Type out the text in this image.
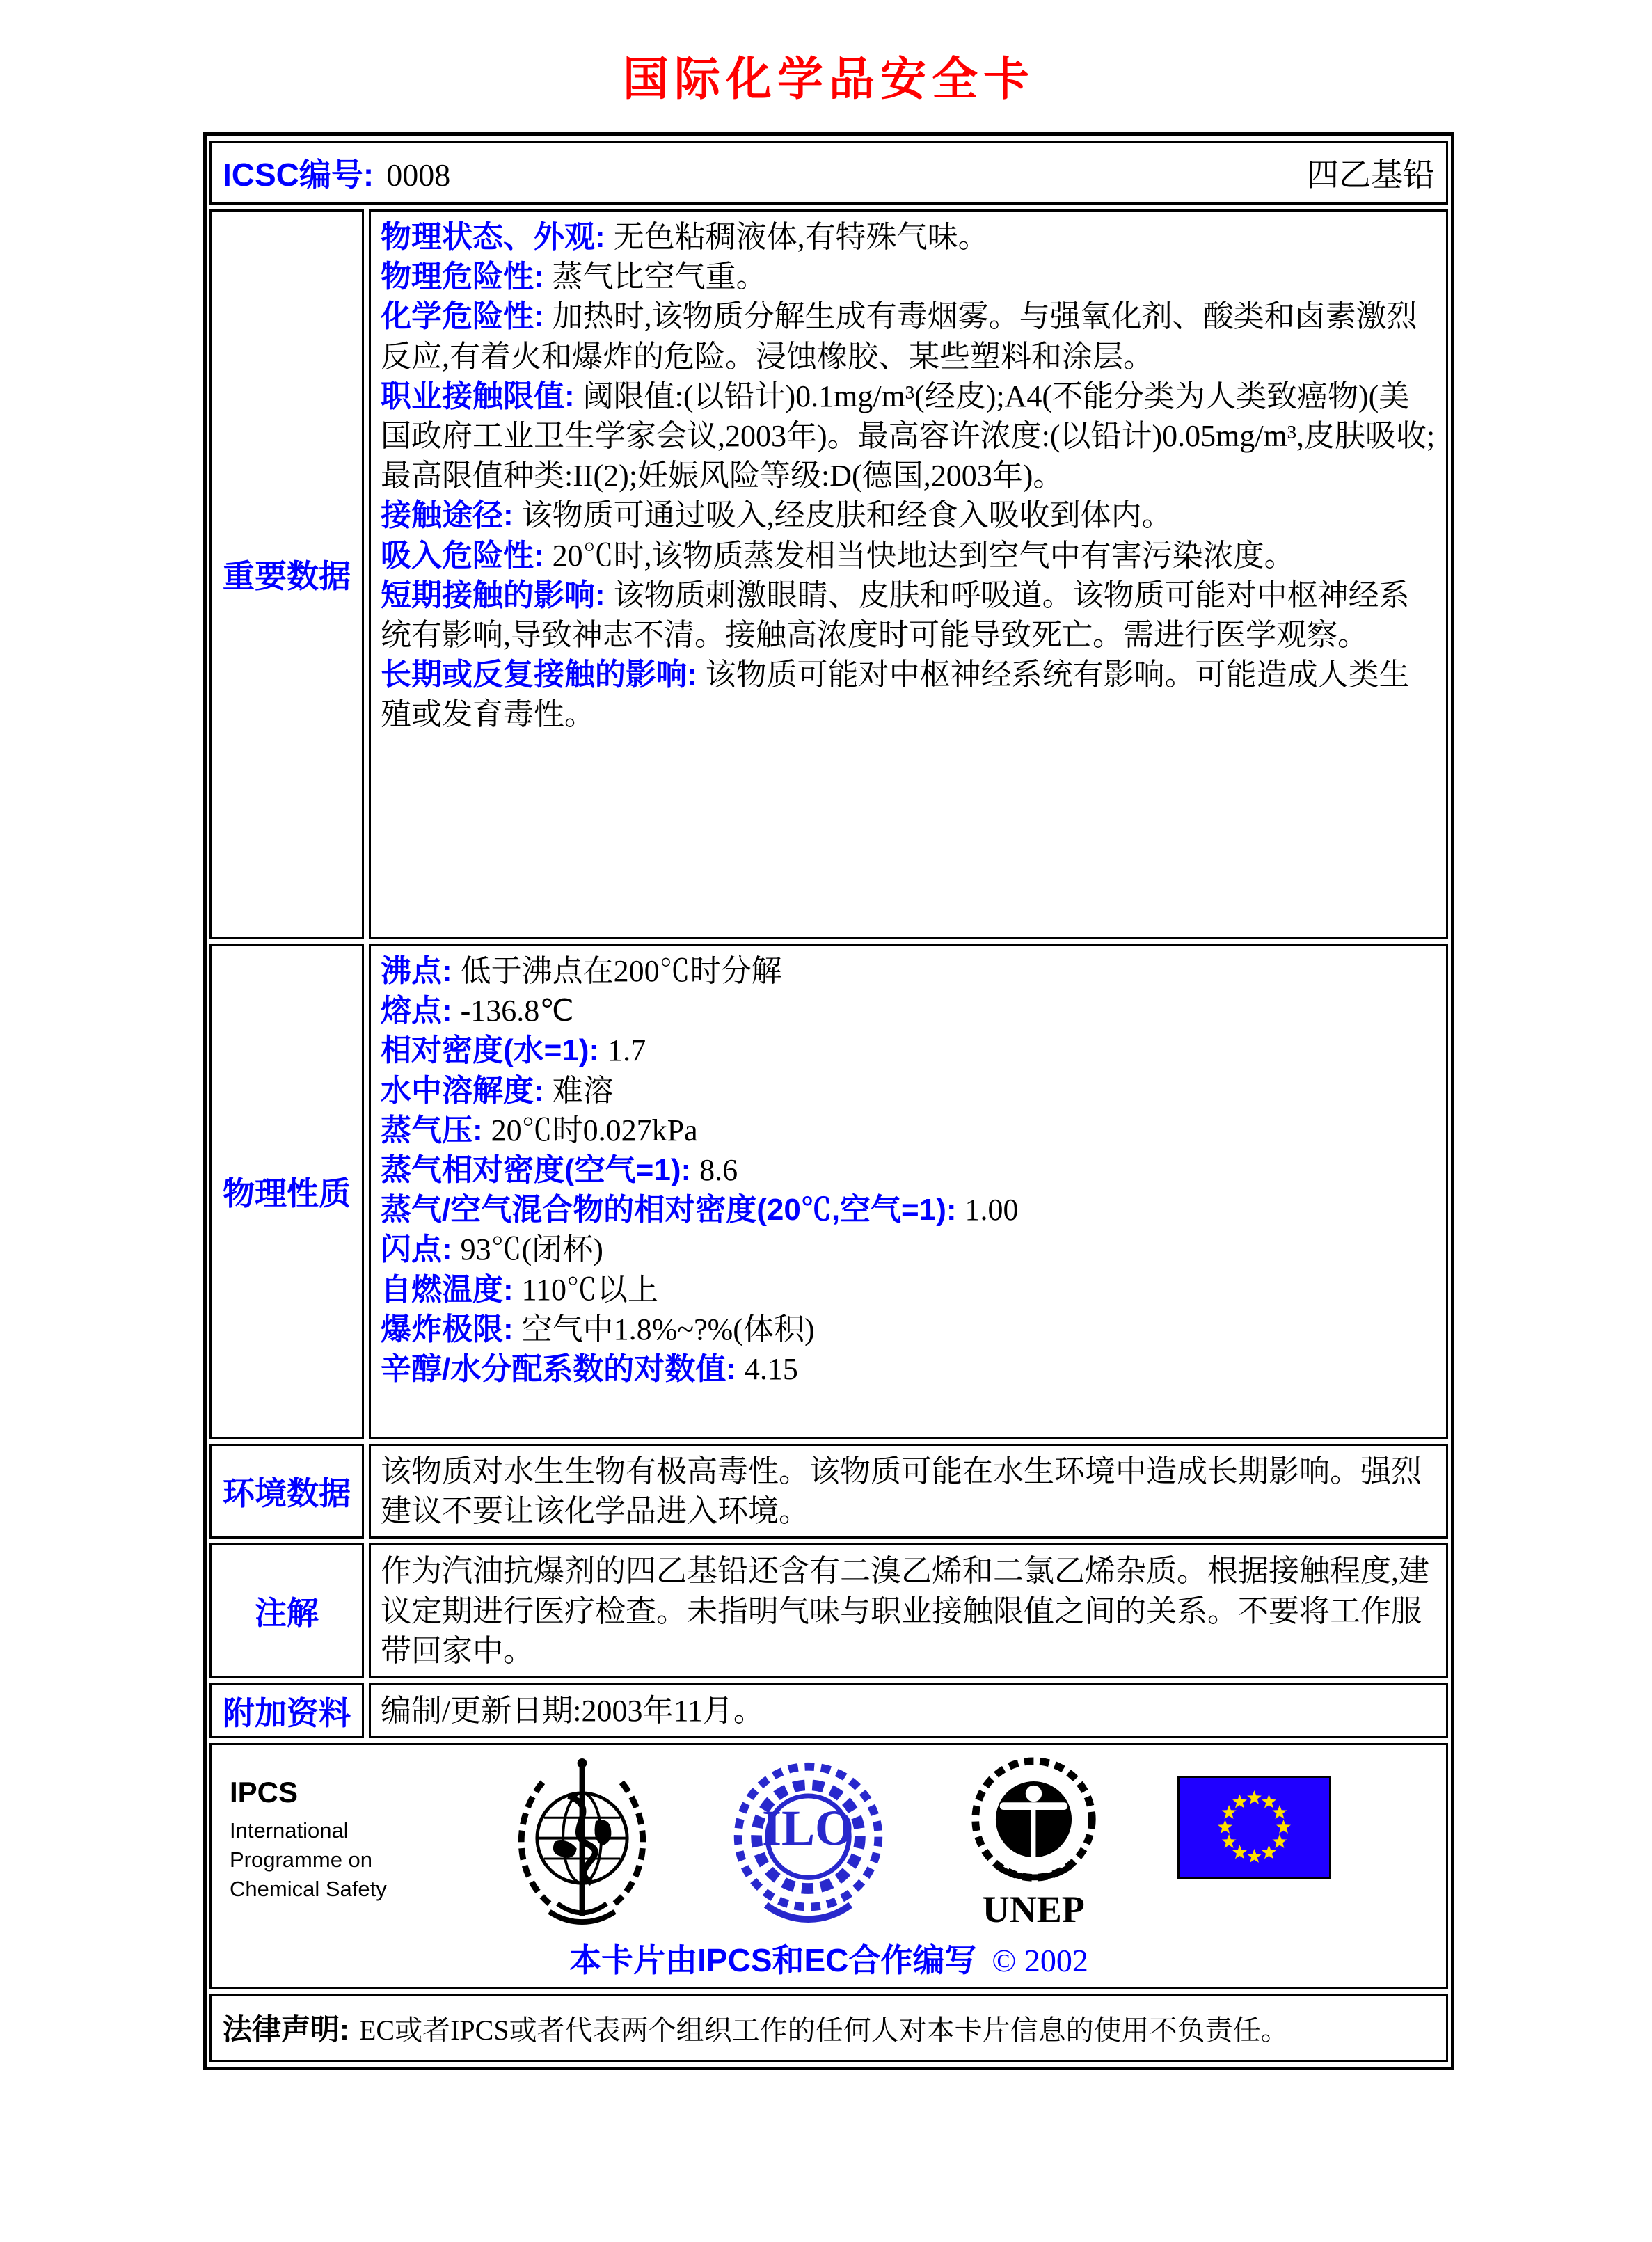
国际化学品安全卡
ICSC编号: 0008	四乙基铅
重要数据

物理状态、外观: 无色粘稠液体,有特殊气味。

物理危险性: 蒸气比空气重。

化学危险性: 加热时,该物质分解生成有毒烟雾。与强氧化剂、酸类和卤素激烈反应,有着火和爆炸的危险。浸蚀橡胶、某些塑料和涂层。

职业接触限值: 阈限值:(以铅计)0.1mg/m³(经皮);A4(不能分类为人类致癌物)(美国政府工业卫生学家会议,2003年)。最高容许浓度:(以铅计)0.05mg/m³,皮肤吸收;最高限值种类:II(2);妊娠风险等级:D(德国,2003年)。

接触途径: 该物质可通过吸入,经皮肤和经食入吸收到体内。

吸入危险性: 20℃时,该物质蒸发相当快地达到空气中有害污染浓度。

短期接触的影响: 该物质刺激眼睛、皮肤和呼吸道。该物质可能对中枢神经系统有影响,导致神志不清。接触高浓度时可能导致死亡。需进行医学观察。

长期或反复接触的影响: 该物质可能对中枢神经系统有影响。可能造成人类生殖或发育毒性。

物理性质

沸点: 低于沸点在200℃时分解

熔点: -136.8℃

相对密度(水=1): 1.7

水中溶解度: 难溶

蒸气压: 20℃时0.027kPa

蒸气相对密度(空气=1): 8.6

蒸气/空气混合物的相对密度(20℃,空气=1): 1.00

闪点: 93℃(闭杯)

自燃温度: 110℃以上

爆炸极限: 空气中1.8%~?%(体积)

辛醇/水分配系数的对数值: 4.15

环境数据

该物质对水生生物有极高毒性。该物质可能在水生环境中造成长期影响。强烈建议不要让该化学品进入环境。

注解

作为汽油抗爆剂的四乙基铅还含有二溴乙烯和二氯乙烯杂质。根据接触程度,建议定期进行医疗检查。未指明气味与职业接触限值之间的关系。不要将工作服带回家中。

附加资料 编制/更新日期:2003年11月。

IPCS
International
Programme on
Chemical Safety
ILO
UNEP
本卡片由IPCS和EC合作编写 © 2002
法律声明: EC或者IPCS或者代表两个组织工作的任何人对本卡片信息的使用不负责任。
